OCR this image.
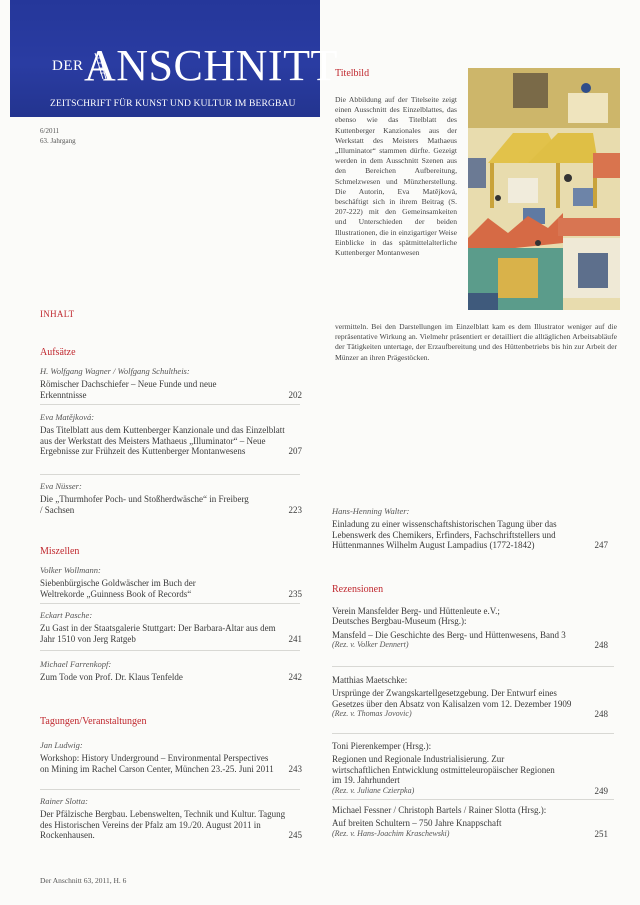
DER ANSCHNITT
ZEITSCHRIFT FÜR KUNST UND KULTUR IM BERGBAU
6/2011
63. Jahrgang
Titelbild
Die Abbildung auf der Titelseite zeigt einen Ausschnitt des Einzelblattes, das ebenso wie das Titelblatt des Kuttenberger Kanzionales aus der Werkstatt des Meisters Mathaeus „Illuminator“ stammen dürfte. Gezeigt werden in dem Ausschnitt Szenen aus den Bereichen Aufbereitung, Schmelzwesen und Münzherstellung. Die Autorin, Eva Matějková, beschäftigt sich in ihrem Beitrag (S. 207-222) mit den Gemeinsamkeiten und Unterschieden der beiden Illustrationen, die in einzigartiger Weise Einblicke in das spätmittelalterliche Kuttenberger Montanwesen
vermitteln. Bei den Darstellungen im Einzelblatt kam es dem Illustrator weniger auf die repräsentative Wirkung an. Vielmehr präsentiert er detailliert die alltäglichen Arbeitsabläufe der Tätigkeiten untertage, der Erzaufbereitung und des Hüttenbetriebs bis hin zur Arbeit der Münzer an ihren Prägestöcken.
INHALT
Aufsätze
H. Wolfgang Wagner / Wolfgang Schultheis:
Römischer Dachschiefer – Neue Funde und neue Erkenntnisse	202
Eva Matějková:
Das Titelblatt aus dem Kuttenberger Kanzionale und das Einzelblatt aus der Werkstatt des Meisters Mathaeus „Illuminator“ – Neue Ergebnisse zur Frühzeit des Kuttenberger Montanwesens	207
Eva Nüsser:
Die „Thurmhofer Poch- und Stoßherdwäsche“ in Freiberg / Sachsen	223
Miszellen
Volker Wollmann:
Siebenbürgische Goldwäscher im Buch der Weltrekorde „Guinness Book of Records“	235
Eckart Pasche:
Zu Gast in der Staatsgalerie Stuttgart: Der Barbara-Altar aus dem Jahr 1510 von Jerg Ratgeb	241
Michael Farrenkopf:
Zum Tode von Prof. Dr. Klaus Tenfelde	242
Tagungen/Veranstaltungen
Jan Ludwig:
Workshop: History Underground – Environmental Perspectives on Mining im Rachel Carson Center, München 23.-25. Juni 2011 243
Rainer Slotta:
Der Pfälzische Bergbau. Lebenswelten, Technik und Kultur. Tagung des Historischen Vereins der Pfalz am 19./20. August 2011 in Rockenhausen.	245
Hans-Henning Walter:
Einladung zu einer wissenschaftshistorischen Tagung über das Lebenswerk des Chemikers, Erfinders, Fachschriftstellers und Hüttenmannes Wilhelm August Lampadius (1772-1842)	247
Rezensionen
Verein Mansfelder Berg- und Hüttenleute e.V.; Deutsches Bergbau-Museum (Hrsg.):
Mansfeld – Die Geschichte des Berg- und Hüttenwesens, Band 3
(Rez. v. Volker Dennert)	248
Matthias Maetschke:
Ursprünge der Zwangskartellgesetzgebung. Der Entwurf eines Gesetzes über den Absatz von Kalisalzen vom 12. Dezember 1909
(Rez. v. Thomas Jovovic)	248
Toni Pierenkemper (Hrsg.):
Regionen und Regionale Industrialisierung. Zur wirtschaftlichen Entwicklung ostmitteleuropäischer Regionen im 19. Jahrhundert
(Rez. v. Juliane Czierpka)	249
Michael Fessner / Christoph Bartels / Rainer Slotta (Hrsg.):
Auf breiten Schultern – 750 Jahre Knappschaft
(Rez. v. Hans-Joachim Kraschewski)	251
Der Anschnitt 63, 2011, H. 6
